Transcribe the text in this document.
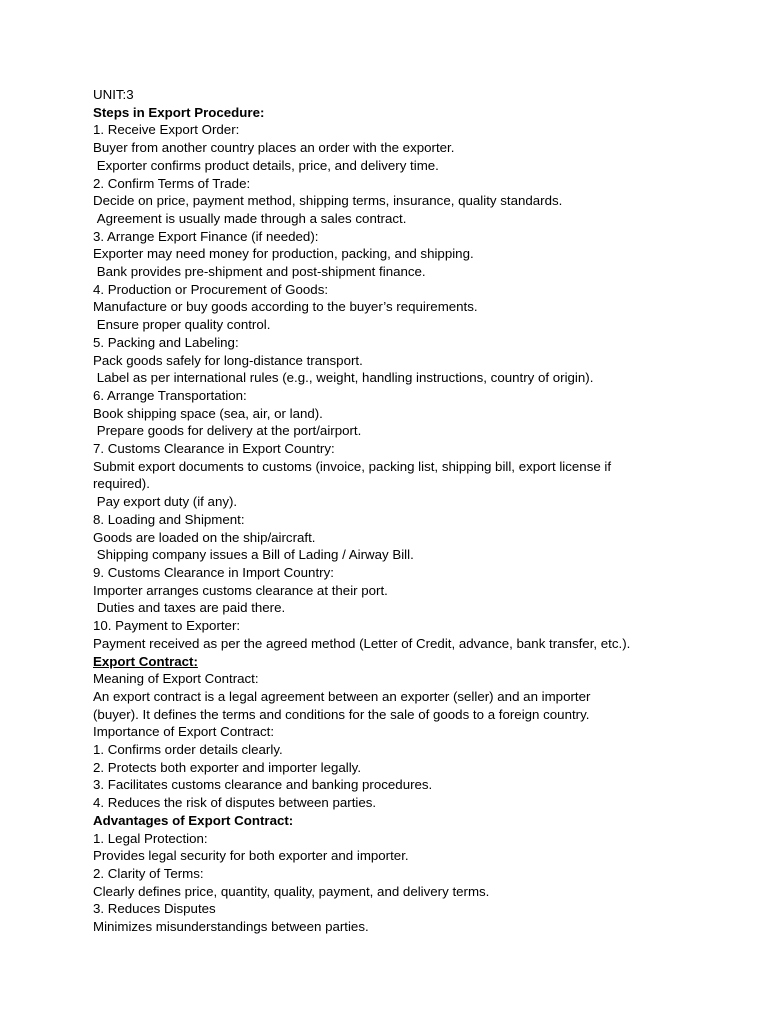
UNIT:3
Steps in Export Procedure:
1. Receive Export Order:
Buyer from another country places an order with the exporter.
Exporter confirms product details, price, and delivery time.
2. Confirm Terms of Trade:
Decide on price, payment method, shipping terms, insurance, quality standards.
Agreement is usually made through a sales contract.
3. Arrange Export Finance (if needed):
Exporter may need money for production, packing, and shipping.
Bank provides pre-shipment and post-shipment finance.
4. Production or Procurement of Goods:
Manufacture or buy goods according to the buyer’s requirements.
Ensure proper quality control.
5. Packing and Labeling:
Pack goods safely for long-distance transport.
Label as per international rules (e.g., weight, handling instructions, country of origin).
6. Arrange Transportation:
Book shipping space (sea, air, or land).
Prepare goods for delivery at the port/airport.
7. Customs Clearance in Export Country:
Submit export documents to customs (invoice, packing list, shipping bill, export license if
required).
Pay export duty (if any).
8. Loading and Shipment:
Goods are loaded on the ship/aircraft.
Shipping company issues a Bill of Lading / Airway Bill.
9. Customs Clearance in Import Country:
Importer arranges customs clearance at their port.
Duties and taxes are paid there.
10. Payment to Exporter:
Payment received as per the agreed method (Letter of Credit, advance, bank transfer, etc.).
Export Contract:
Meaning of Export Contract:
An export contract is a legal agreement between an exporter (seller) and an importer
(buyer). It defines the terms and conditions for the sale of goods to a foreign country.
Importance of Export Contract:
1. Confirms order details clearly.
2. Protects both exporter and importer legally.
3. Facilitates customs clearance and banking procedures.
4. Reduces the risk of disputes between parties.
Advantages of Export Contract:
1. Legal Protection:
Provides legal security for both exporter and importer.
2. Clarity of Terms:
Clearly defines price, quantity, quality, payment, and delivery terms.
3. Reduces Disputes
Minimizes misunderstandings between parties.
